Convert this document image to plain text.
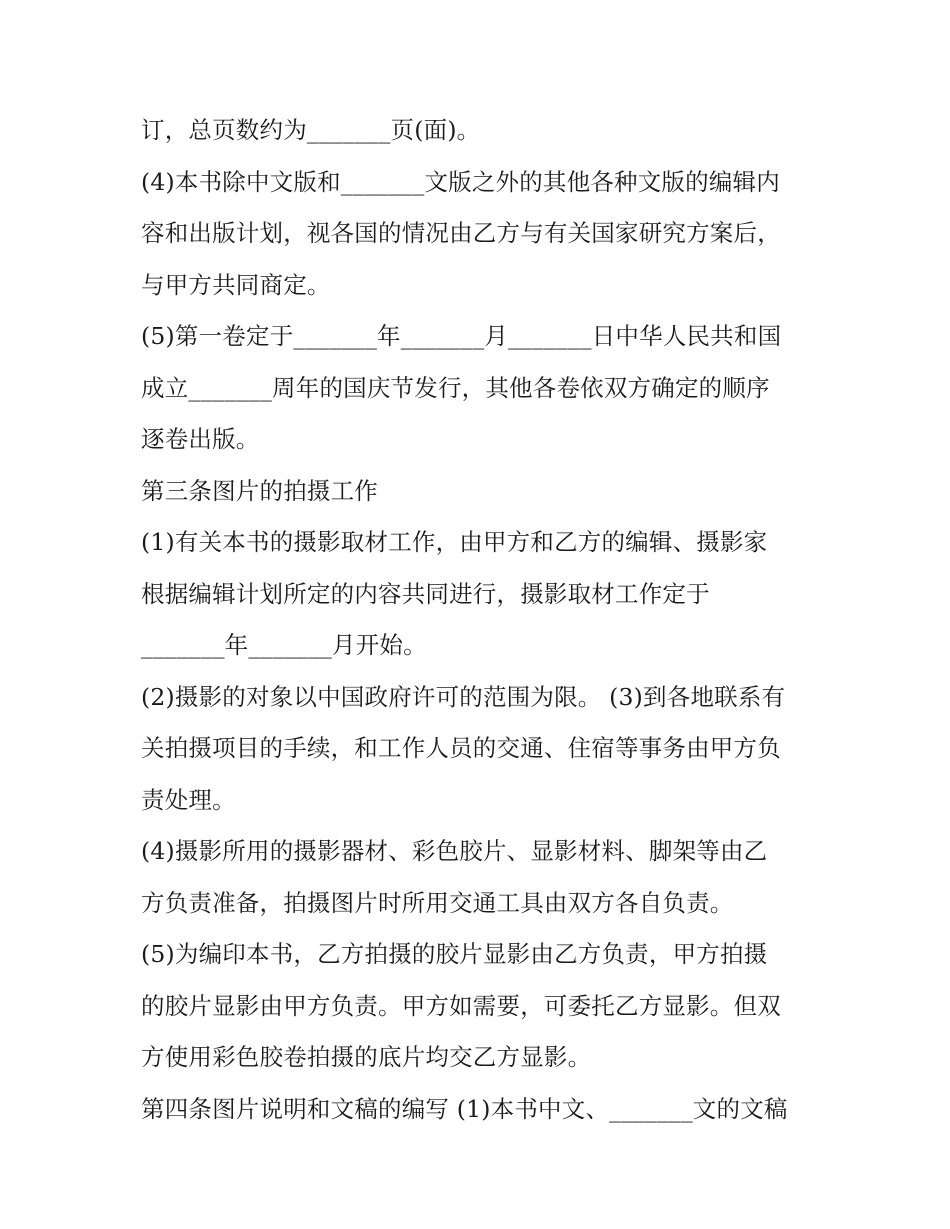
订，总页数约为_______页(面)。
(4)本书除中文版和_______文版之外的其他各种文版的编辑内
容和出版计划，视各国的情况由乙方与有关国家研究方案后，
与甲方共同商定。
(5)第一卷定于_______年_______月_______日中华人民共和国
成立_______周年的国庆节发行，其他各卷依双方确定的顺序
逐卷出版。
第三条图片的拍摄工作
(1)有关本书的摄影取材工作，由甲方和乙方的编辑、摄影家
根据编辑计划所定的内容共同进行，摄影取材工作定于
_______年_______月开始。
(2)摄影的对象以中国政府许可的范围为限。 (3)到各地联系有
关拍摄项目的手续，和工作人员的交通、住宿等事务由甲方负
责处理。
(4)摄影所用的摄影器材、彩色胶片、显影材料、脚架等由乙
方负责准备，拍摄图片时所用交通工具由双方各自负责。
(5)为编印本书，乙方拍摄的胶片显影由乙方负责，甲方拍摄
的胶片显影由甲方负责。甲方如需要，可委托乙方显影。但双
方使用彩色胶卷拍摄的底片均交乙方显影。
第四条图片说明和文稿的编写 (1)本书中文、_______文的文稿
